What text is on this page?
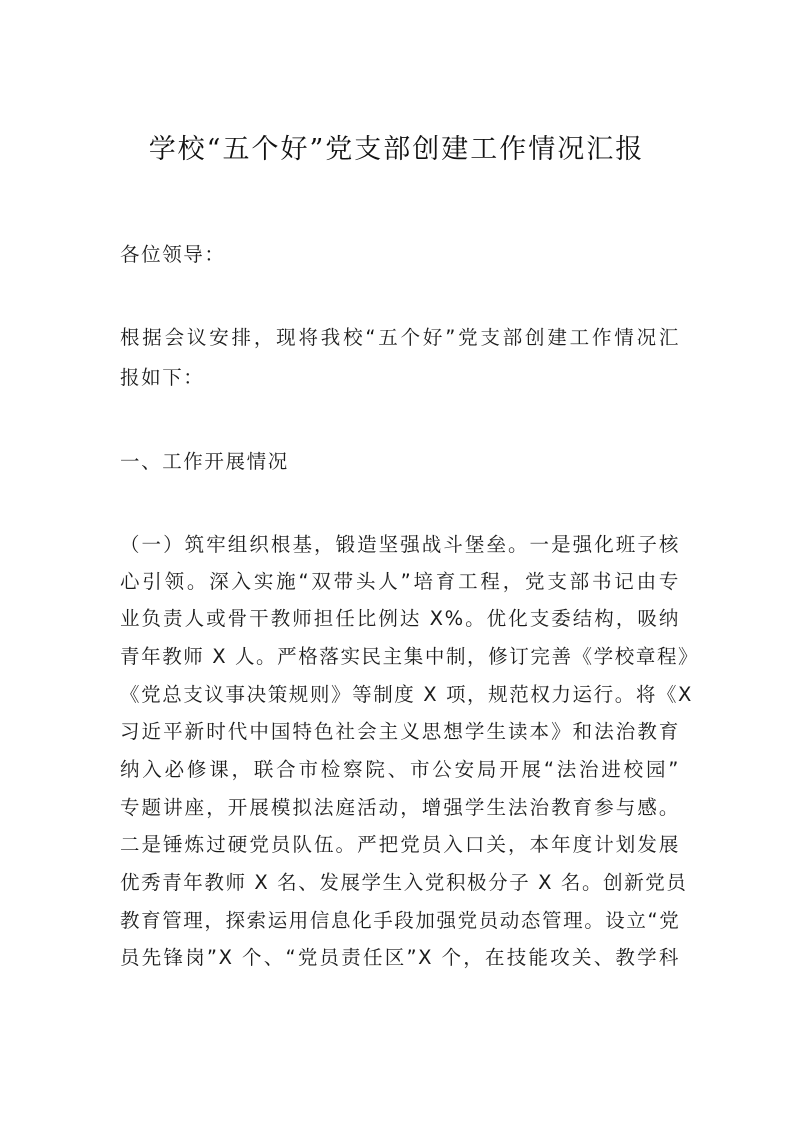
学校“五个好”党支部创建工作情况汇报
各位领导：
根据会议安排，现将我校“五个好”党支部创建工作情况汇
报如下：
一、工作开展情况
（一）筑牢组织根基，锻造坚强战斗堡垒。一是强化班子核
心引领。深入实施“双带头人”培育工程，党支部书记由专
业负责人或骨干教师担任比例达 X%。优化支委结构，吸纳
青年教师 X 人。严格落实民主集中制，修订完善《学校章程》
《党总支议事决策规则》等制度 X 项，规范权力运行。将《X
习近平新时代中国特色社会主义思想学生读本》和法治教育
纳入必修课，联合市检察院、市公安局开展“法治进校园”
专题讲座，开展模拟法庭活动，增强学生法治教育参与感。
二是锤炼过硬党员队伍。严把党员入口关，本年度计划发展
优秀青年教师 X 名、发展学生入党积极分子 X 名。创新党员
教育管理，探索运用信息化手段加强党员动态管理。设立“党
员先锋岗”X 个、“党员责任区”X 个，在技能攻关、教学科
